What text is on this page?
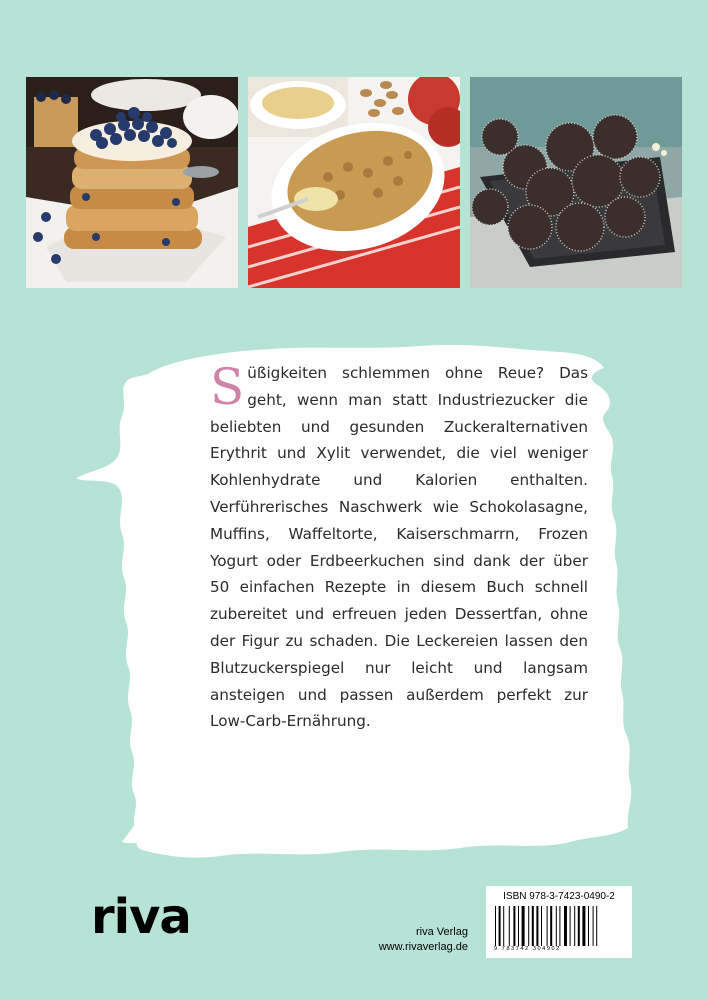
S üßigkeiten schlemmen ohne Reue? Das geht, wenn man statt Industriezucker die beliebten und gesunden Zuckeralternativen Erythrit und Xylit verwendet, die viel weniger Kohlenhydrate und Kalorien enthalten. Verführerisches Naschwerk wie Schokolasagne, Muffins, Waffeltorte, Kaiserschmarrn, Frozen Yogurt oder Erdbeerkuchen sind dank der über 50 einfachen Rezepte in diesem Buch schnell zubereitet und erfreuen jeden Dessertfan, ohne der Figur zu schaden. Die Leckereien lassen den Blutzuckerspiegel nur leicht und langsam ansteigen und passen außerdem perfekt zur Low-Carb-Ernährung.

riva	riva Verlag
www.rivaverlag.de
ISBN 978-3-7423-0490-2
9 783742 304902
